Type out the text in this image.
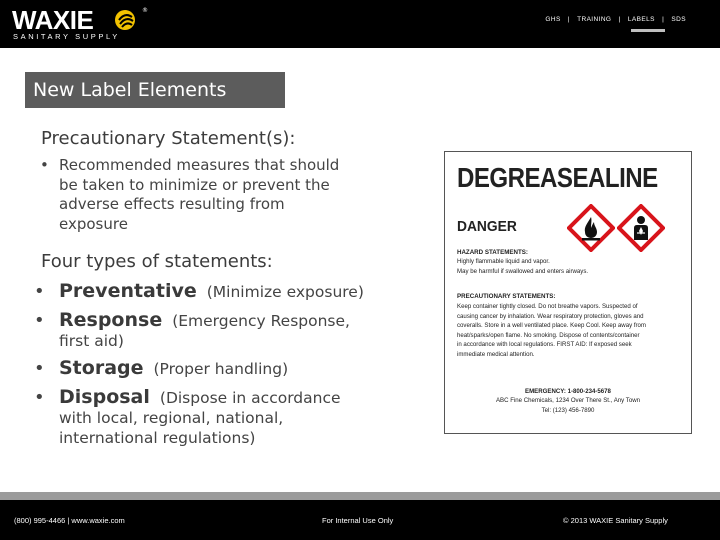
WAXIE	®
SANITARY SUPPLY
GHS | TRAINING | LABELS | SDS
New Label Elements
Precautionary Statement(s):
• Recommended measures that should
be taken to minimize or prevent the
adverse effects resulting from
exposure
Four types of statements:
• Preventative (Minimize exposure)
• Response (Emergency Response,
first aid)
• Storage (Proper handling)
• Disposal (Dispose in accordance
with local, regional, national,
international regulations)
DEGREASEALINE
DANGER
HAZARD STATEMENTS:
Highly flammable liquid and vapor.
May be harmful if swallowed and enters airways.
PRECAUTIONARY STATEMENTS:
Keep container tightly closed. Do not breathe vapors. Suspected of
causing cancer by inhalation. Wear respiratory protection, gloves and
coveralls. Store in a well ventilated place. Keep Cool. Keep away from
heat/sparks/open flame. No smoking. Dispose of contents/container
in accordance with local regulations. FIRST AID: If exposed seek
immediate medical attention.
EMERGENCY: 1-800-234-5678
ABC Fine Chemicals, 1234 Over There St., Any Town
Tel: (123) 456-7890
(800) 995-4466 | www.waxie.com	For Internal Use Only	© 2013 WAXIE Sanitary Supply
